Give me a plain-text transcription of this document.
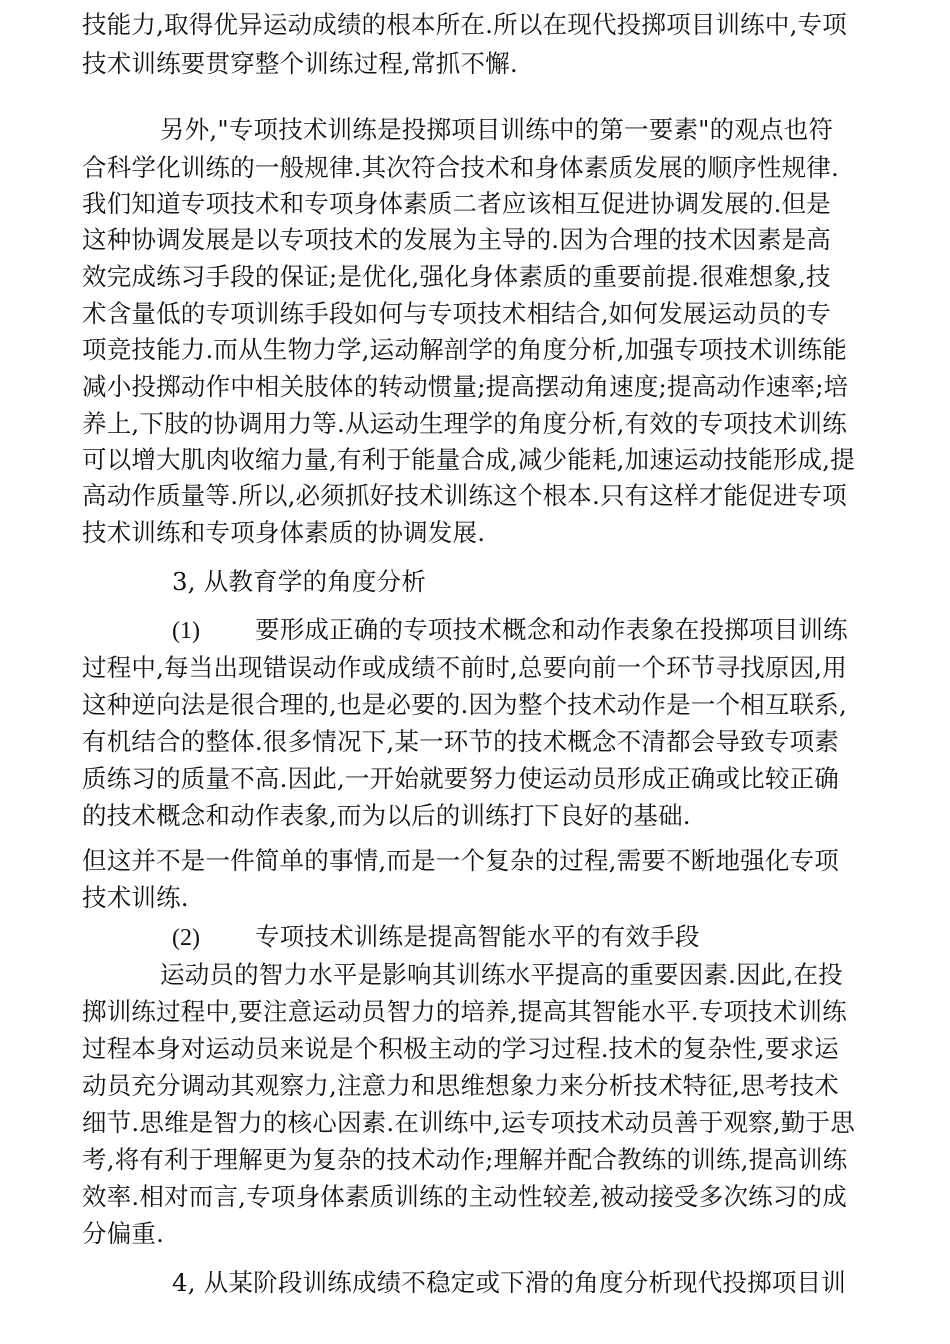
技能力,取得优异运动成绩的根本所在.所以在现代投掷项目训练中,专项
技术训练要贯穿整个训练过程,常抓不懈.
另外,"专项技术训练是投掷项目训练中的第一要素"的观点也符
合科学化训练的一般规律.其次符合技术和身体素质发展的顺序性规律.
我们知道专项技术和专项身体素质二者应该相互促进协调发展的.但是
这种协调发展是以专项技术的发展为主导的.因为合理的技术因素是高
效完成练习手段的保证;是优化,强化身体素质的重要前提.很难想象,技
术含量低的专项训练手段如何与专项技术相结合,如何发展运动员的专
项竞技能力.而从生物力学,运动解剖学的角度分析,加强专项技术训练能
减小投掷动作中相关肢体的转动惯量;提高摆动角速度;提高动作速率;培
养上,下肢的协调用力等.从运动生理学的角度分析,有效的专项技术训练
可以增大肌肉收缩力量,有利于能量合成,减少能耗,加速运动技能形成,提
高动作质量等.所以,必须抓好技术训练这个根本.只有这样才能促进专项
技术训练和专项身体素质的协调发展.
3, 从教育学的角度分析
(1) 要形成正确的专项技术概念和动作表象在投掷项目训练
过程中,每当出现错误动作或成绩不前时,总要向前一个环节寻找原因,用
这种逆向法是很合理的,也是必要的.因为整个技术动作是一个相互联系,
有机结合的整体.很多情况下,某一环节的技术概念不清都会导致专项素
质练习的质量不高.因此,一开始就要努力使运动员形成正确或比较正确
的技术概念和动作表象,而为以后的训练打下良好的基础.
但这并不是一件简单的事情,而是一个复杂的过程,需要不断地强化专项
技术训练.
(2) 专项技术训练是提高智能水平的有效手段
运动员的智力水平是影响其训练水平提高的重要因素.因此,在投
掷训练过程中,要注意运动员智力的培养,提高其智能水平.专项技术训练
过程本身对运动员来说是个积极主动的学习过程.技术的复杂性,要求运
动员充分调动其观察力,注意力和思维想象力来分析技术特征,思考技术
细节.思维是智力的核心因素.在训练中,运专项技术动员善于观察,勤于思
考,将有利于理解更为复杂的技术动作;理解并配合教练的训练,提高训练
效率.相对而言,专项身体素质训练的主动性较差,被动接受多次练习的成
分偏重.
4, 从某阶段训练成绩不稳定或下滑的角度分析现代投掷项目训
